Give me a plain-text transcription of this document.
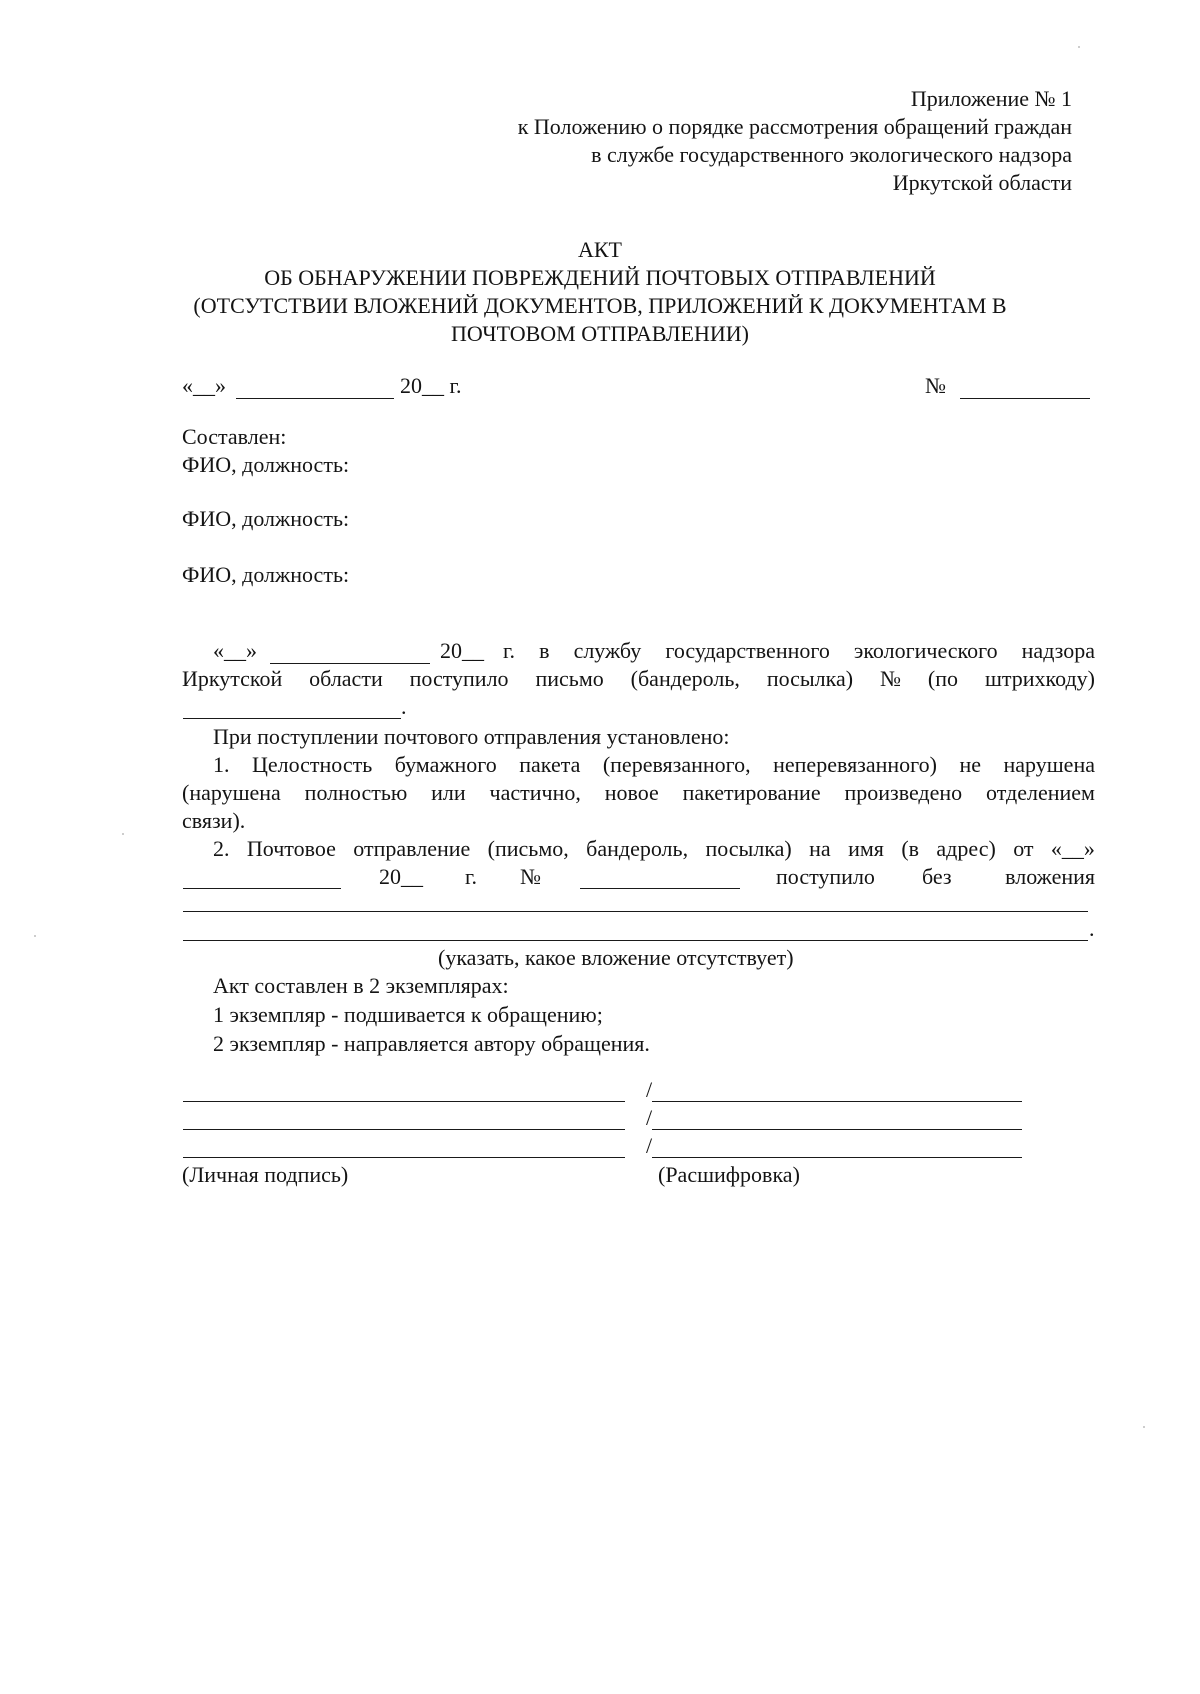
Приложение № 1
к Положению о порядке рассмотрения обращений граждан
в службе государственного экологического надзора
Иркутской области
АКТ
ОБ ОБНАРУЖЕНИИ ПОВРЕЖДЕНИЙ ПОЧТОВЫХ ОТПРАВЛЕНИЙ
(ОТСУТСТВИИ ВЛОЖЕНИЙ ДОКУМЕНТОВ, ПРИЛОЖЕНИЙ К ДОКУМЕНТАМ В
ПОЧТОВОМ ОТПРАВЛЕНИИ)
«__»	20__ г.	№
Составлен:
ФИО, должность:
ФИО, должность:
ФИО, должность:
«__»	20__ г. в службу государственного экологического надзора
Иркутской области поступило письмо (бандероль, посылка) № (по штрихкоду)
.
При поступлении почтового отправления установлено:
1. Целостность бумажного пакета (перевязанного, неперевязанного) не нарушена
(нарушена полностью или частично, новое пакетирование произведено отделением
связи).
2. Почтовое отправление (письмо, бандероль, посылка) на имя (в адрес) от «__»
20__ г. №	поступило без вложения
.
(указать, какое вложение отсутствует)
Акт составлен в 2 экземплярах:
1 экземпляр - подшивается к обращению;
2 экземпляр - направляется автору обращения.
/
/
/
(Личная подпись)	(Расшифровка)
